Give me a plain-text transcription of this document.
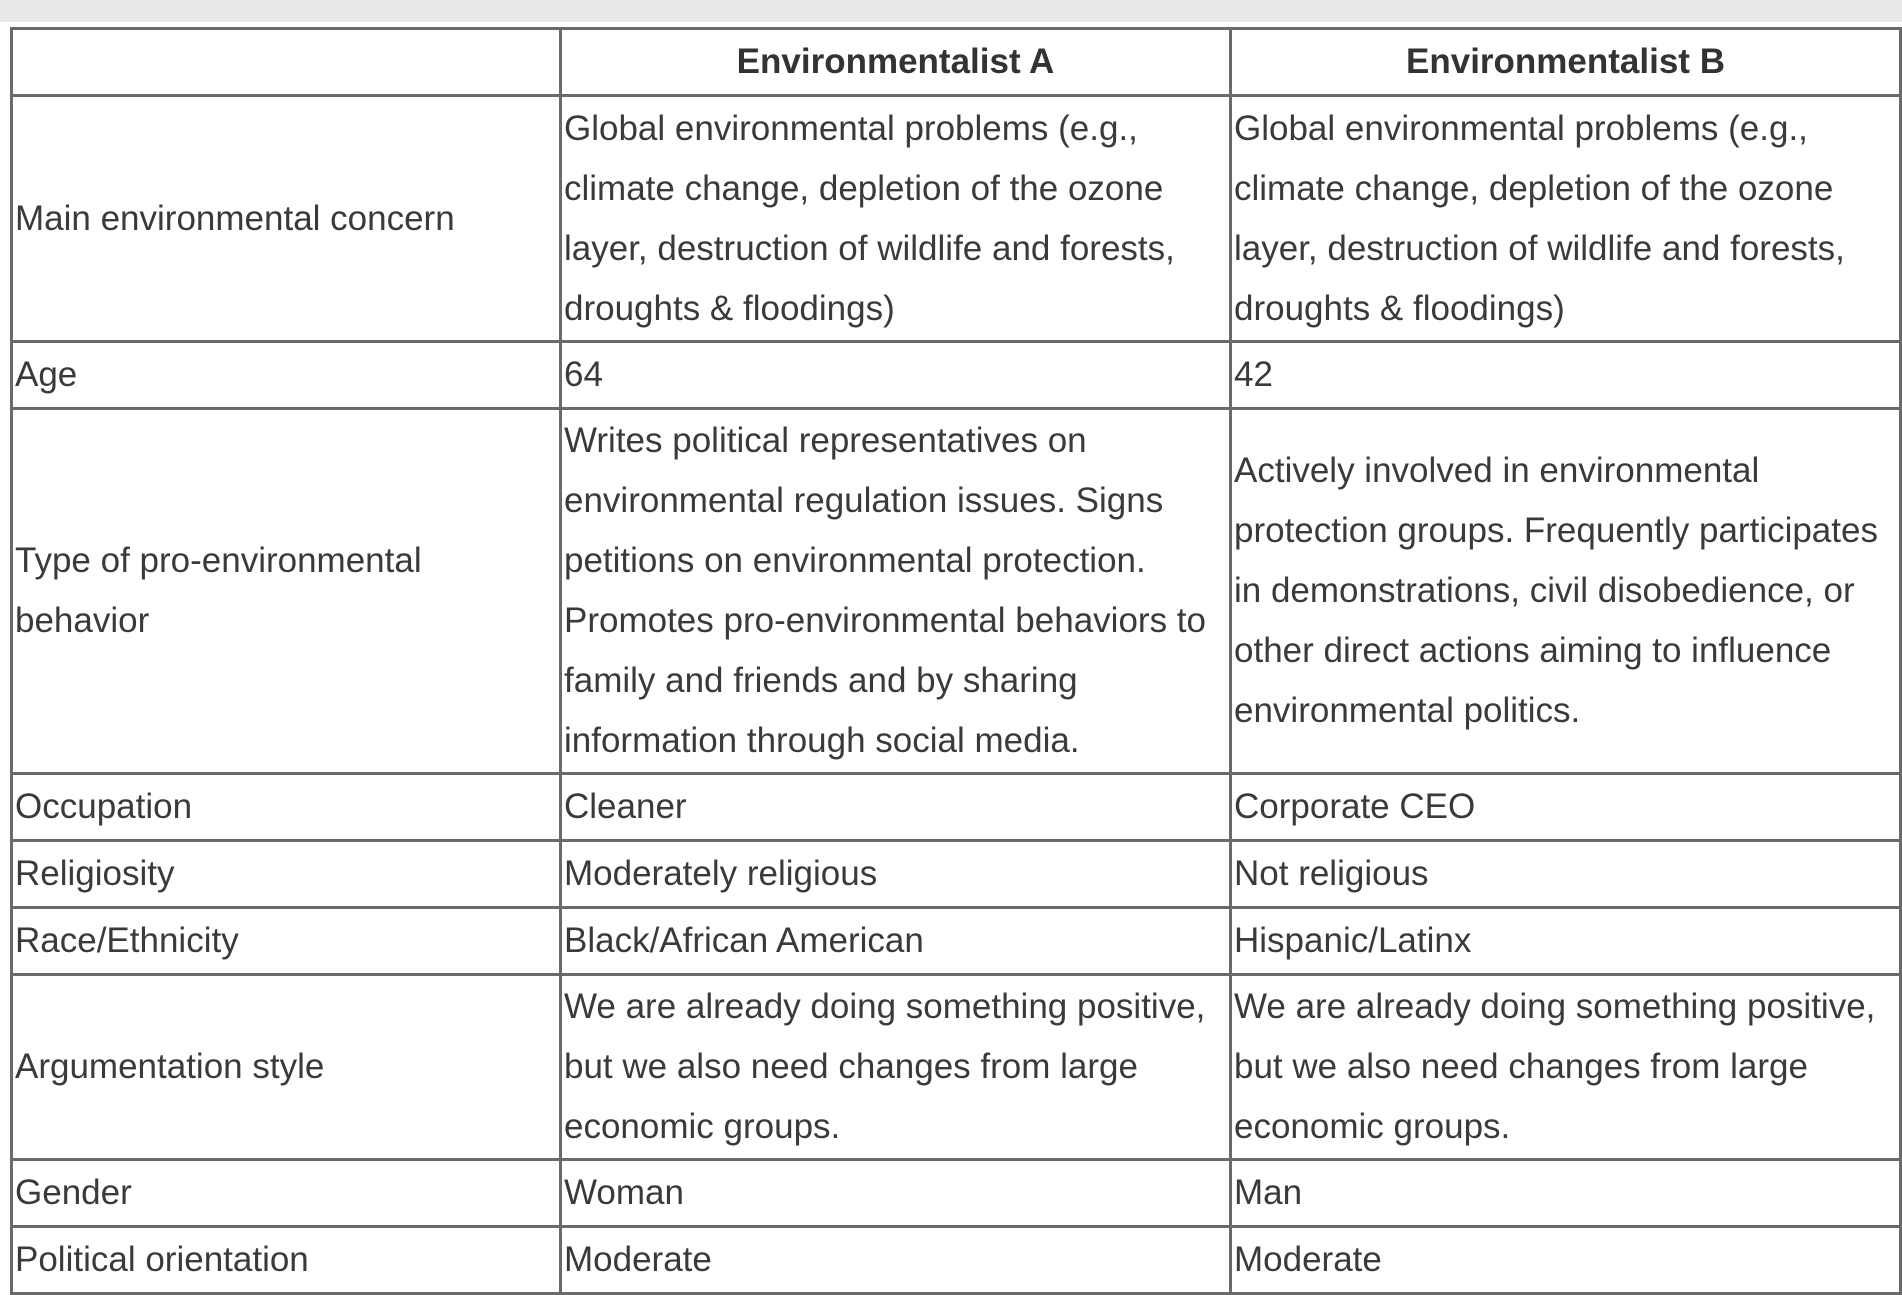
	Environmentalist A	Environmentalist B
Main environmental concern	Global environmental problems (e.g., climate change, depletion of the ozone layer, destruction of wildlife and forests, droughts & floodings)	Global environmental problems (e.g., climate change, depletion of the ozone layer, destruction of wildlife and forests, droughts & floodings)
Age	64	42
Type of pro-environmental behavior	Writes political representatives on environmental regulation issues. Signs petitions on environmental protection. Promotes pro-environmental behaviors to family and friends and by sharing information through social media.	Actively involved in environmental protection groups. Frequently participates in demonstrations, civil disobedience, or other direct actions aiming to influence environmental politics.
Occupation	Cleaner	Corporate CEO
Religiosity	Moderately religious	Not religious
Race/Ethnicity	Black/African American	Hispanic/Latinx
Argumentation style	We are already doing something positive, but we also need changes from large economic groups.	We are already doing something positive, but we also need changes from large economic groups.
Gender	Woman	Man
Political orientation	Moderate	Moderate
